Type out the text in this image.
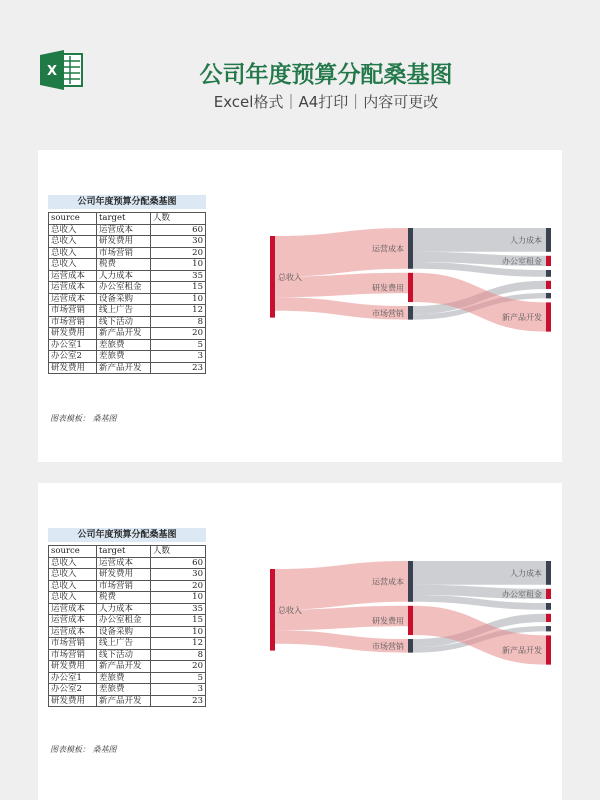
X	公司年度预算分配桑基图
Excel格式｜A4打印｜内容可更改
公司年度预算分配桑基图
source	target	人数
总收入	运营成本	60
总收入	研发费用	30
总收入	市场营销	20
总收入	税费	10
运营成本	人力成本	35
运营成本	办公室租金	15
运营成本	设备采购	10
市场营销	线上广告	12
市场营销	线下活动	8
研发费用	新产品开发	20
办公室1	差旅费	5
办公室2	差旅费	3
研发费用	新产品开发	23
图表模板： 桑基图
总收入
运营成本
研发费用
市场营销
人力成本
办公室租金
新产品开发
公司年度预算分配桑基图
source	target	人数
总收入	运营成本	60
总收入	研发费用	30
总收入	市场营销	20
总收入	税费	10
运营成本	人力成本	35
运营成本	办公室租金	15
运营成本	设备采购	10
市场营销	线上广告	12
市场营销	线下活动	8
研发费用	新产品开发	20
办公室1	差旅费	5
办公室2	差旅费	3
研发费用	新产品开发	23
图表模板： 桑基图
总收入
运营成本
研发费用
市场营销
人力成本
办公室租金
新产品开发
